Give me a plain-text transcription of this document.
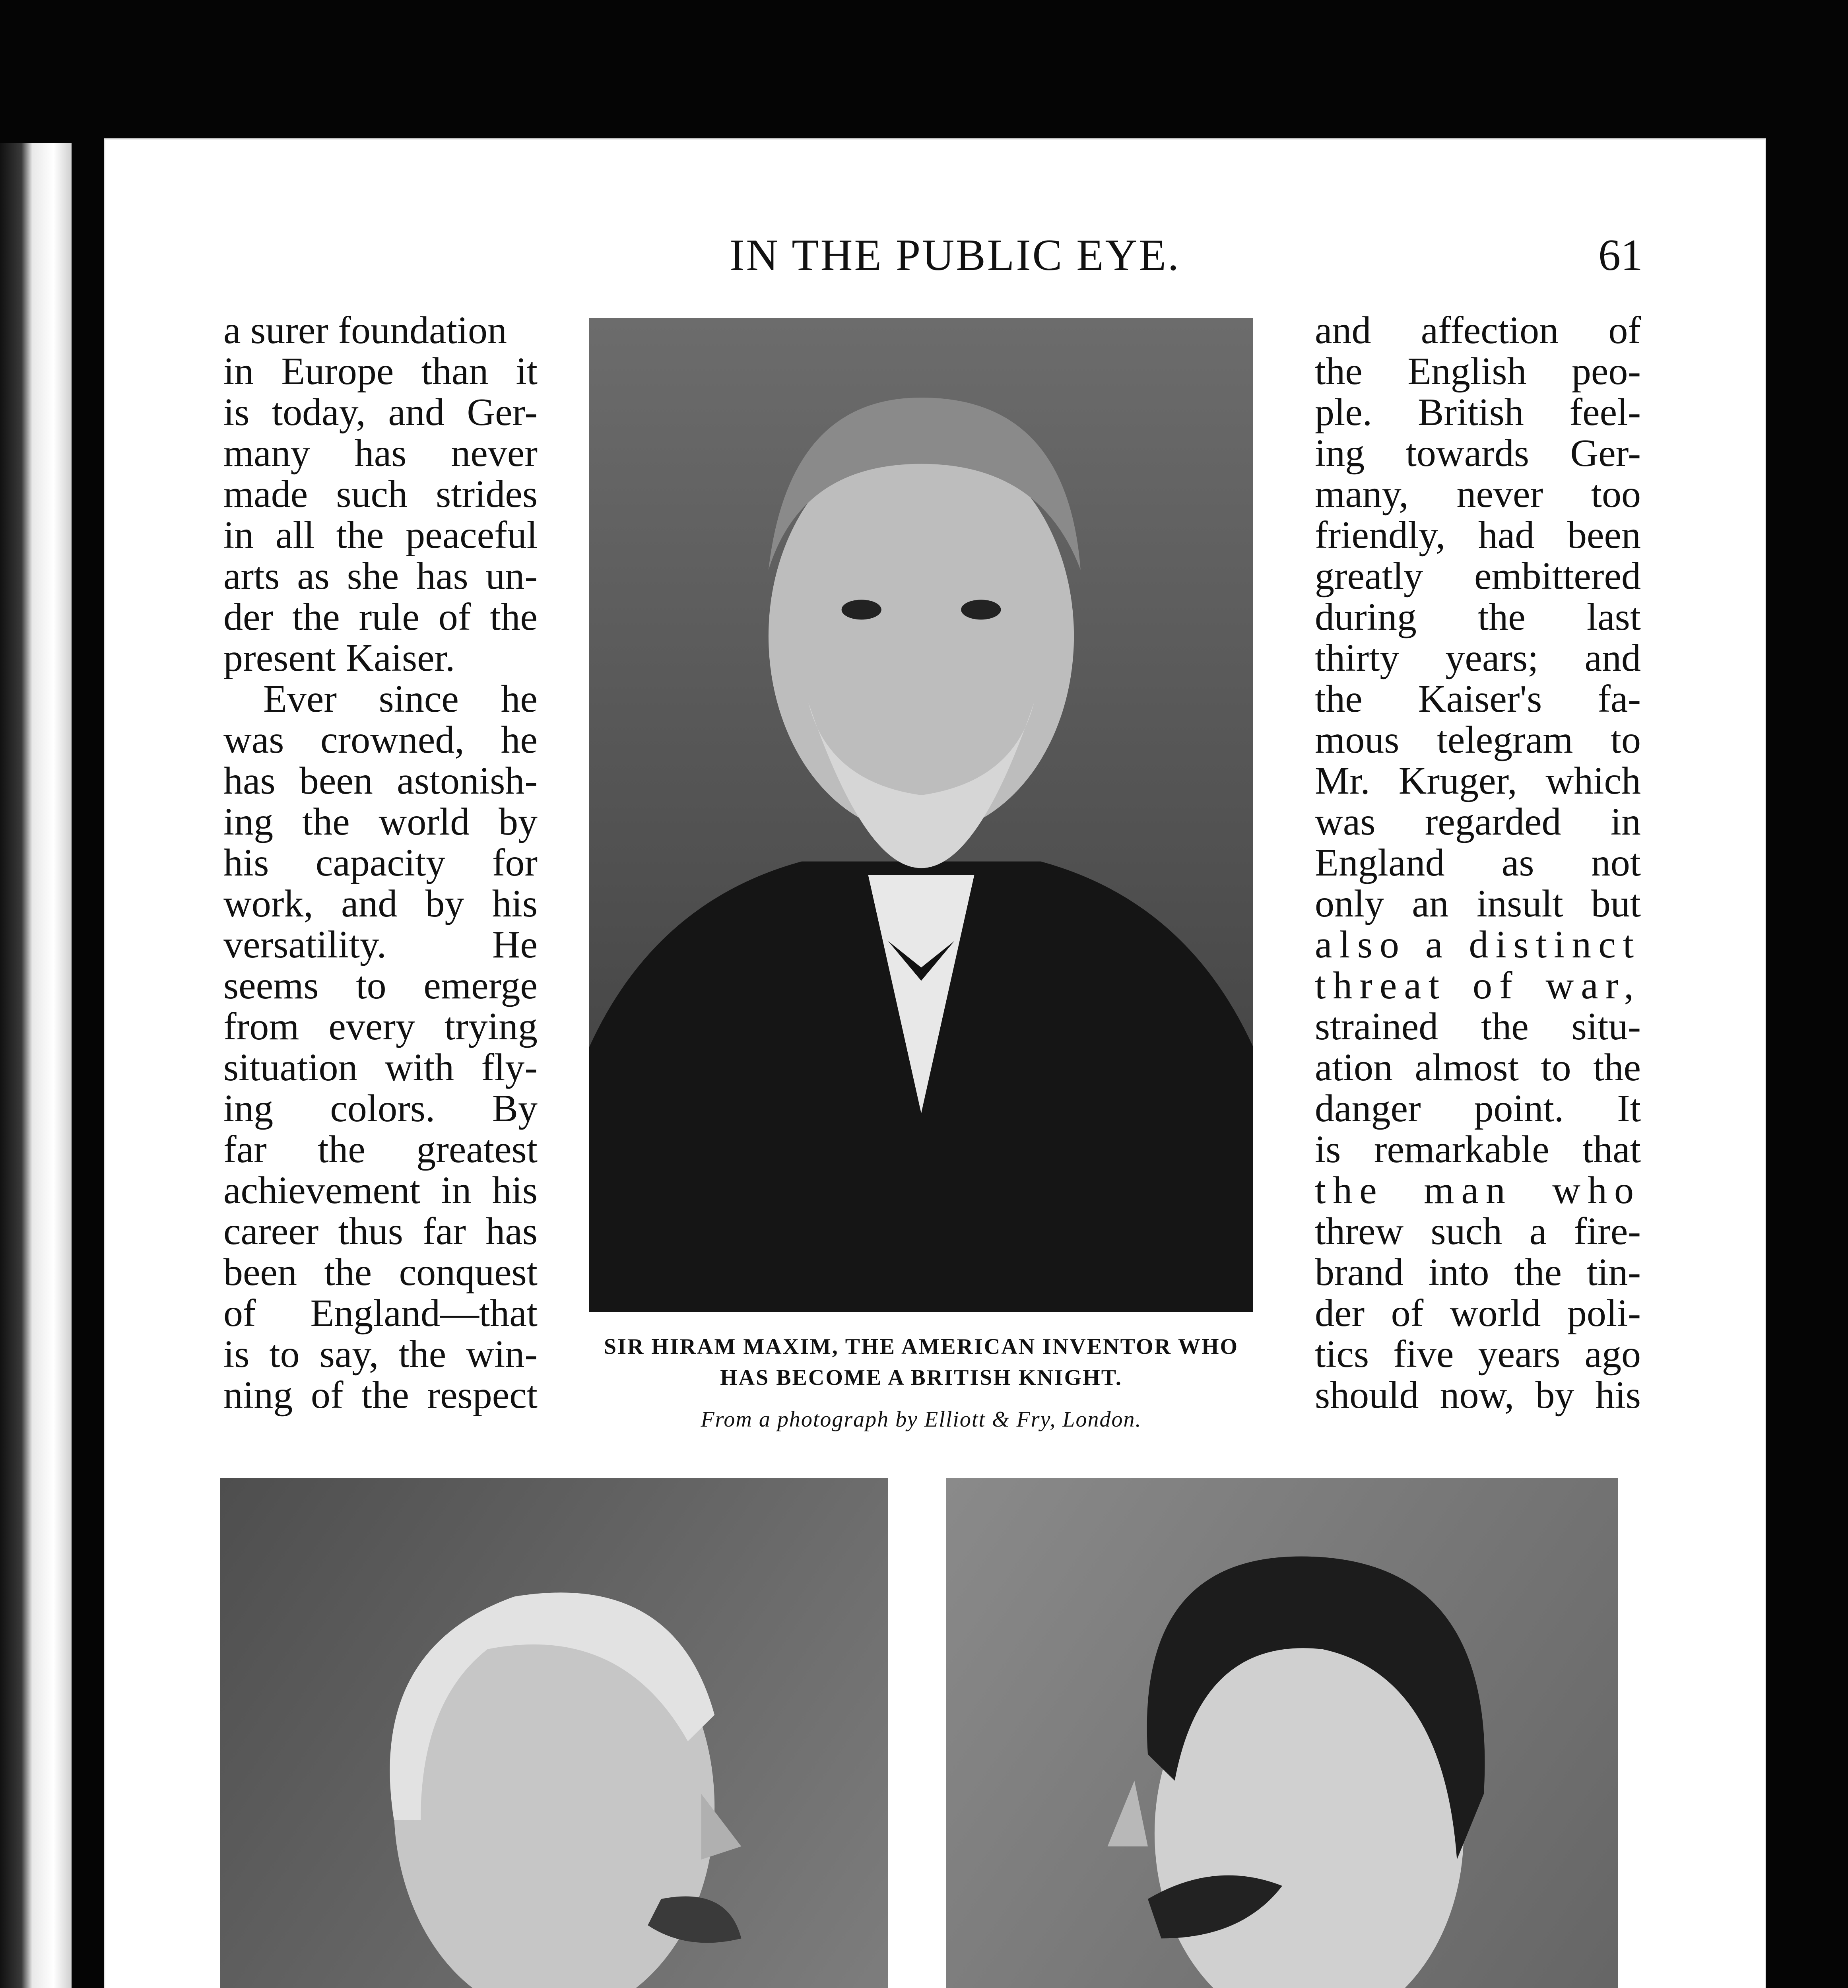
IN THE PUBLIC EYE.	61
a surer foundation
in Europe than it
is today, and Ger-
many has never
made such strides
in all the peaceful
arts as she has un-
der the rule of the
present Kaiser.
Ever since he
was crowned, he
has been astonish-
ing the world by
his capacity for
work, and by his
versatility. He
seems to emerge
from every trying
situation with fly-
ing colors. By
far the greatest
achievement in his
career thus far has
been the conquest
of England—that
is to say, the win-
ning of the respect
and affection of
the English peo-
ple. British feel-
ing towards Ger-
many, never too
friendly, had been
greatly embittered
during the last
thirty years; and
the Kaiser's fa-
mous telegram to
Mr. Kruger, which
was regarded in
England as not
only an insult but
also a distinct
threat of war,
strained the situ-
ation almost to the
danger point. It
is remarkable that
the man who
threw such a fire-
brand into the tin-
der of world poli-
tics five years ago
should now, by his
SIR HIRAM MAXIM, THE AMERICAN INVENTOR WHO
HAS BECOME A BRITISH KNIGHT.
From a photograph by Elliott & Fry, London.
